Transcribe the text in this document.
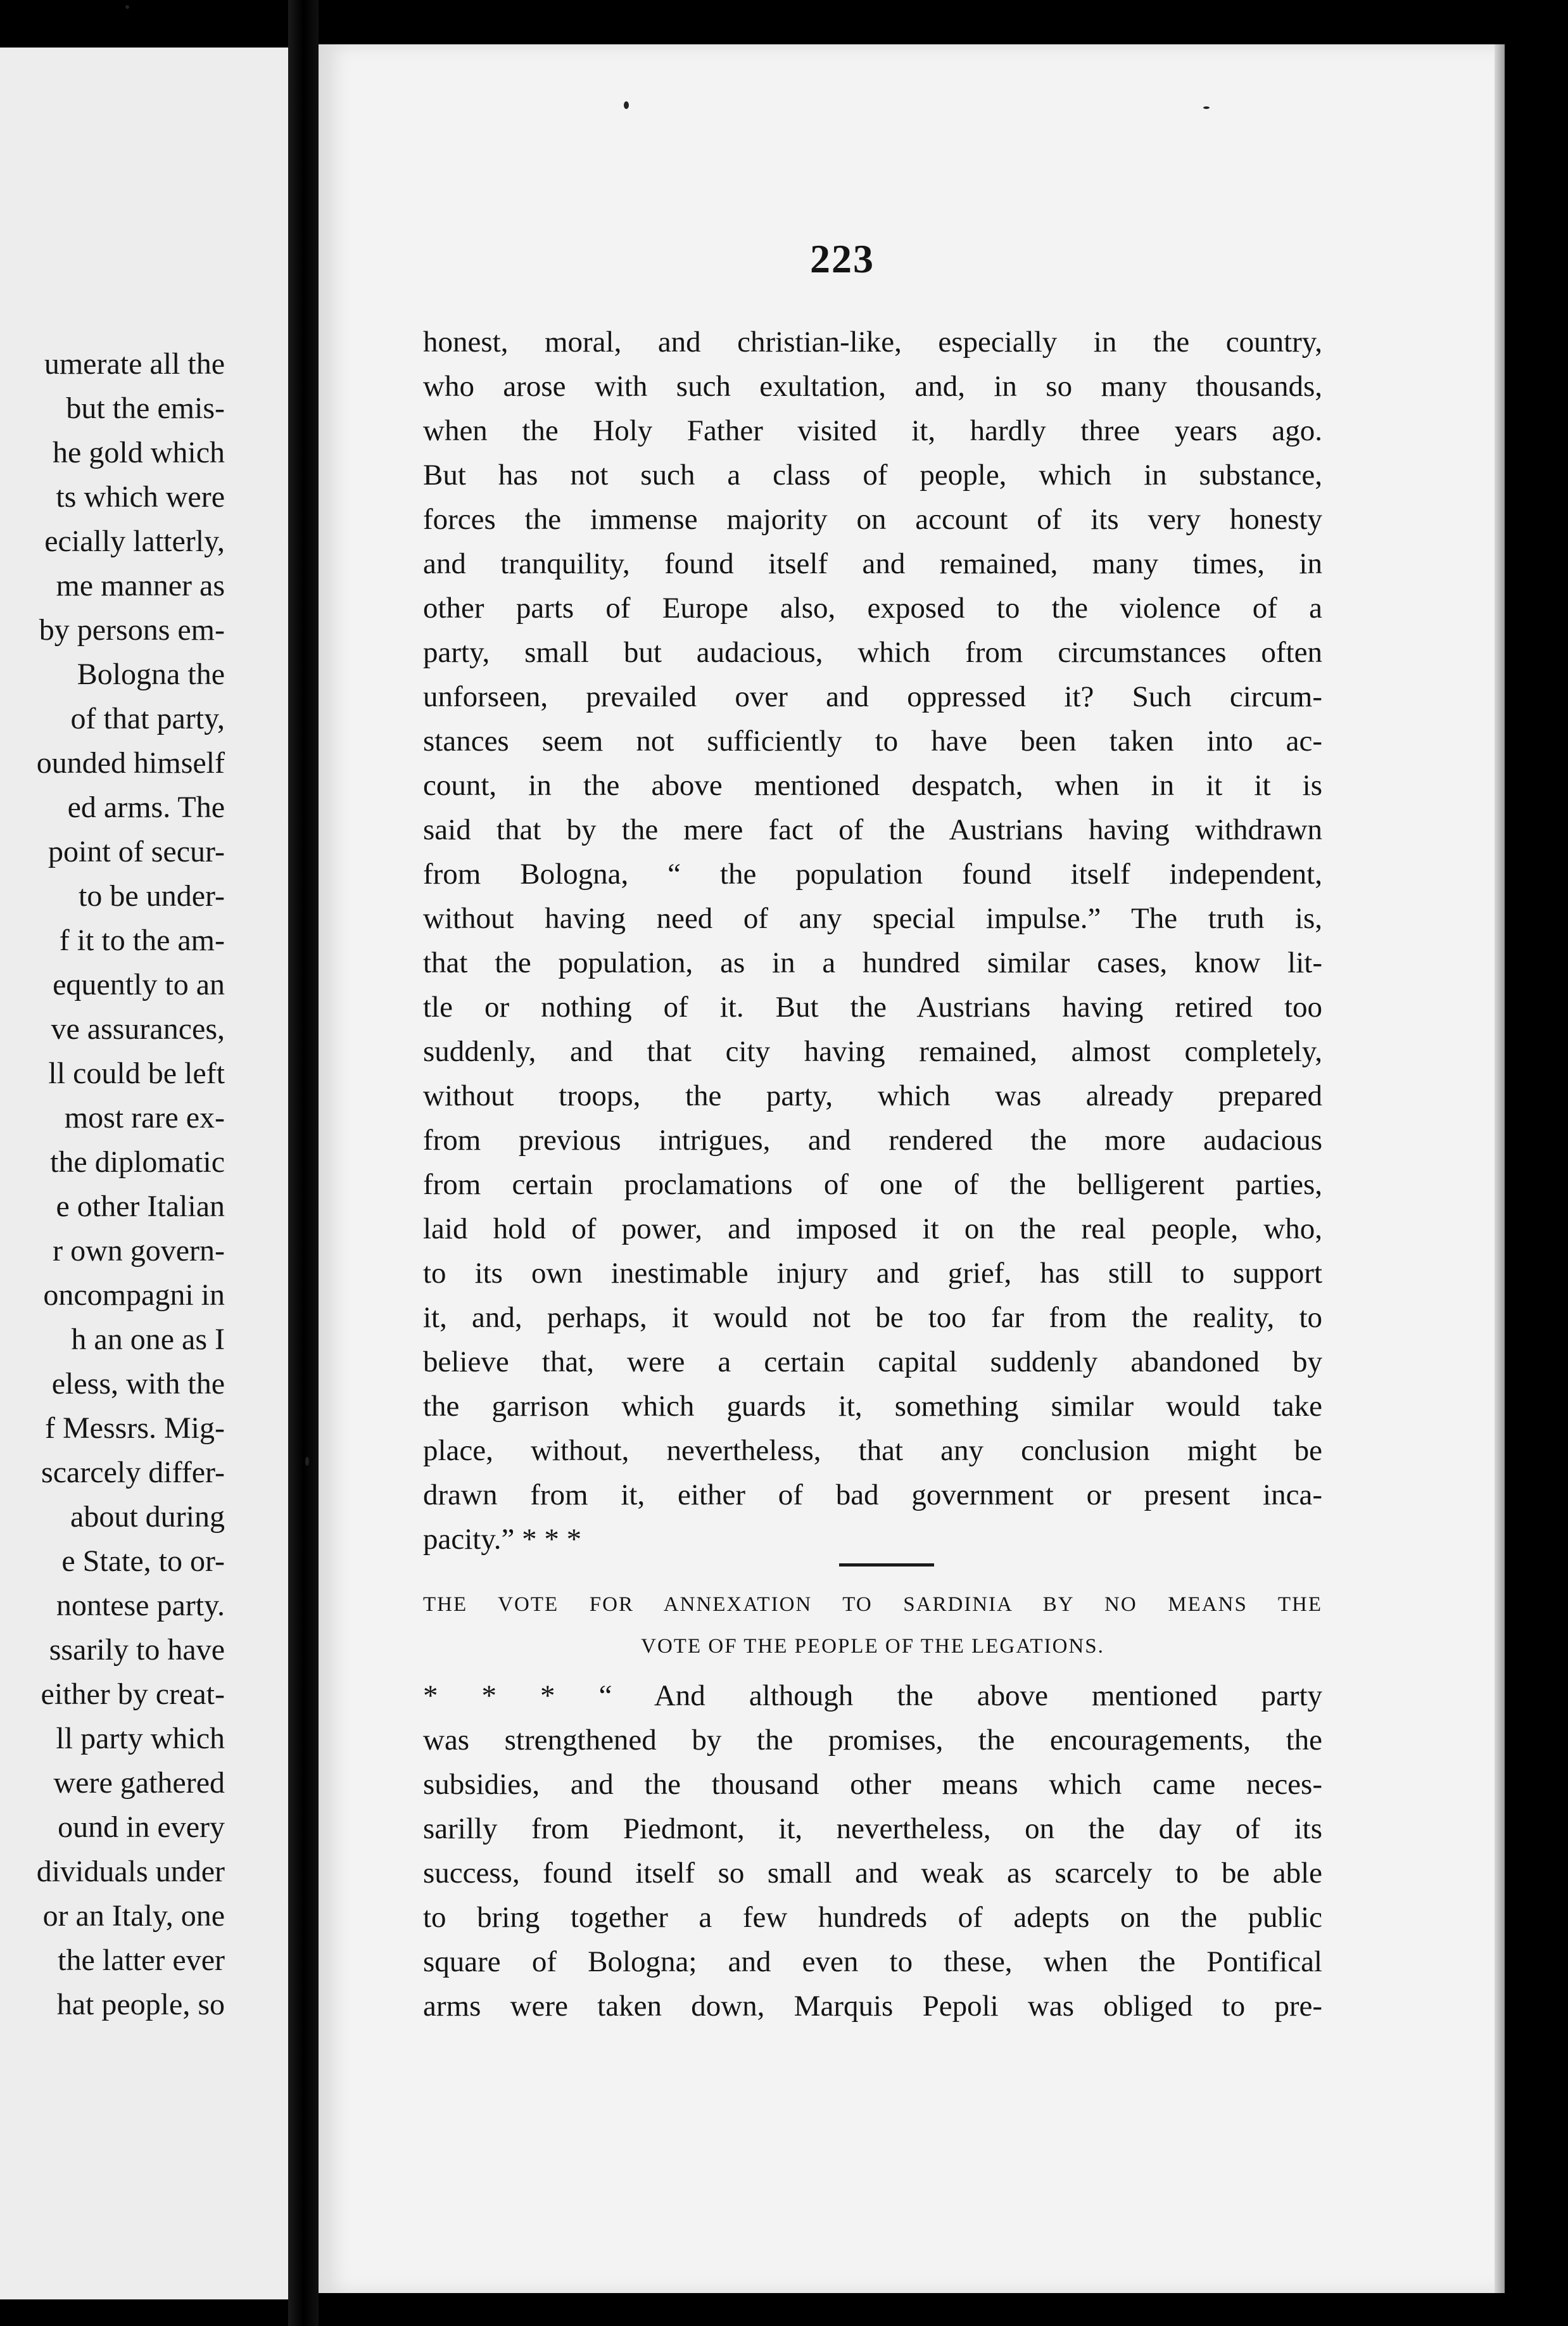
umerate all the
but the emis-
he gold which
ts which were
ecially latterly,
me manner as
by persons em-
Bologna the
of that party,
ounded himself
ed arms. The
point of secur-
to be under-
f it to the am-
equently to an
ve assurances,
ll could be left
most rare ex-
the diplomatic
e other Italian
r own govern-
oncompagni in
h an one as I
eless, with the
f Messrs. Mig-
scarcely differ-
about during
e State, to or-
nontese party.
ssarily to have
either by creat-
ll party which
were gathered
ound in every
dividuals under
or an Italy, one
the latter ever
hat people, so
223
honest, moral, and christian-like, especially in the country,
who arose with such exultation, and, in so many thousands,
when the Holy Father visited it, hardly three years ago.
But has not such a class of people, which in substance,
forces the immense majority on account of its very honesty
and tranquility, found itself and remained, many times, in
other parts of Europe also, exposed to the violence of a
party, small but audacious, which from circumstances often
unforseen, prevailed over and oppressed it? Such circum-
stances seem not sufficiently to have been taken into ac-
count, in the above mentioned despatch, when in it it is
said that by the mere fact of the Austrians having withdrawn
from Bologna, “ the population found itself independent,
without having need of any special impulse.” The truth is,
that the population, as in a hundred similar cases, know lit-
tle or nothing of it. But the Austrians having retired too
suddenly, and that city having remained, almost completely,
without troops, the party, which was already prepared
from previous intrigues, and rendered the more audacious
from certain proclamations of one of the belligerent parties,
laid hold of power, and imposed it on the real people, who,
to its own inestimable injury and grief, has still to support
it, and, perhaps, it would not be too far from the reality, to
believe that, were a certain capital suddenly abandoned by
the garrison which guards it, something similar would take
place, without, nevertheless, that any conclusion might be
drawn from it, either of bad government or present inca-
pacity.” * * *
THE VOTE FOR ANNEXATION TO SARDINIA BY NO MEANS THE
VOTE OF THE PEOPLE OF THE LEGATIONS.
* * * “ And although the above mentioned party
was strengthened by the promises, the encouragements, the
subsidies, and the thousand other means which came neces-
sarilly from Piedmont, it, nevertheless, on the day of its
success, found itself so small and weak as scarcely to be able
to bring together a few hundreds of adepts on the public
square of Bologna; and even to these, when the Pontifical
arms were taken down, Marquis Pepoli was obliged to pre-
